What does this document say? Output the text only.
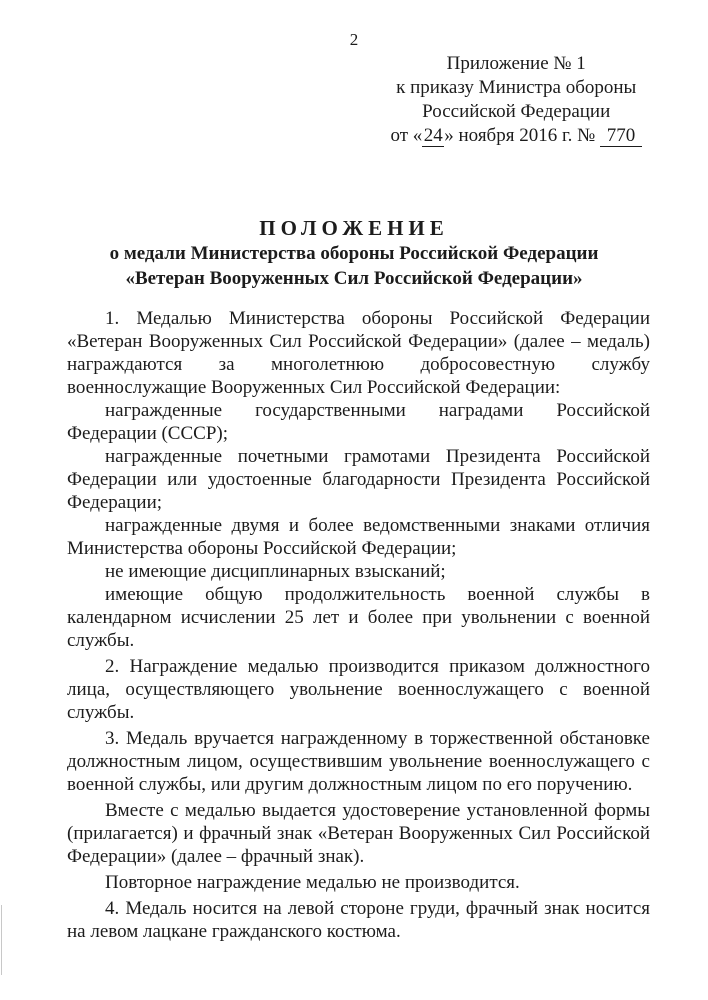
2
Приложение № 1
к приказу Министра обороны
Российской Федерации
от «24» ноября 2016 г. № 770
ПОЛОЖЕНИЕ
о медали Министерства обороны Российской Федерации
«Ветеран Вооруженных Сил Российской Федерации»

1. Медалью Министерства обороны Российской Федерации «Ветеран Вооруженных Сил Российской Федерации» (далее – медаль) награждаются за многолетнюю добросовестную службу военнослужащие Вооруженных Сил Российской Федерации:

награжденные государственными наградами Российской Федерации (СССР);

награжденные почетными грамотами Президента Российской Федерации или удостоенные благодарности Президента Российской Федерации;

награжденные двумя и более ведомственными знаками отличия Министерства обороны Российской Федерации;

не имеющие дисциплинарных взысканий;

имеющие общую продолжительность военной службы в календарном исчислении 25 лет и более при увольнении с военной службы.

2. Награждение медалью производится приказом должностного лица, осуществляющего увольнение военнослужащего с военной службы.

3. Медаль вручается награжденному в торжественной обстановке должностным лицом, осуществившим увольнение военнослужащего с военной службы, или другим должностным лицом по его поручению.

Вместе с медалью выдается удостоверение установленной формы (прилагается) и фрачный знак «Ветеран Вооруженных Сил Российской Федерации» (далее – фрачный знак).

Повторное награждение медалью не производится.

4. Медаль носится на левой стороне груди, фрачный знак носится на левом лацкане гражданского костюма.
